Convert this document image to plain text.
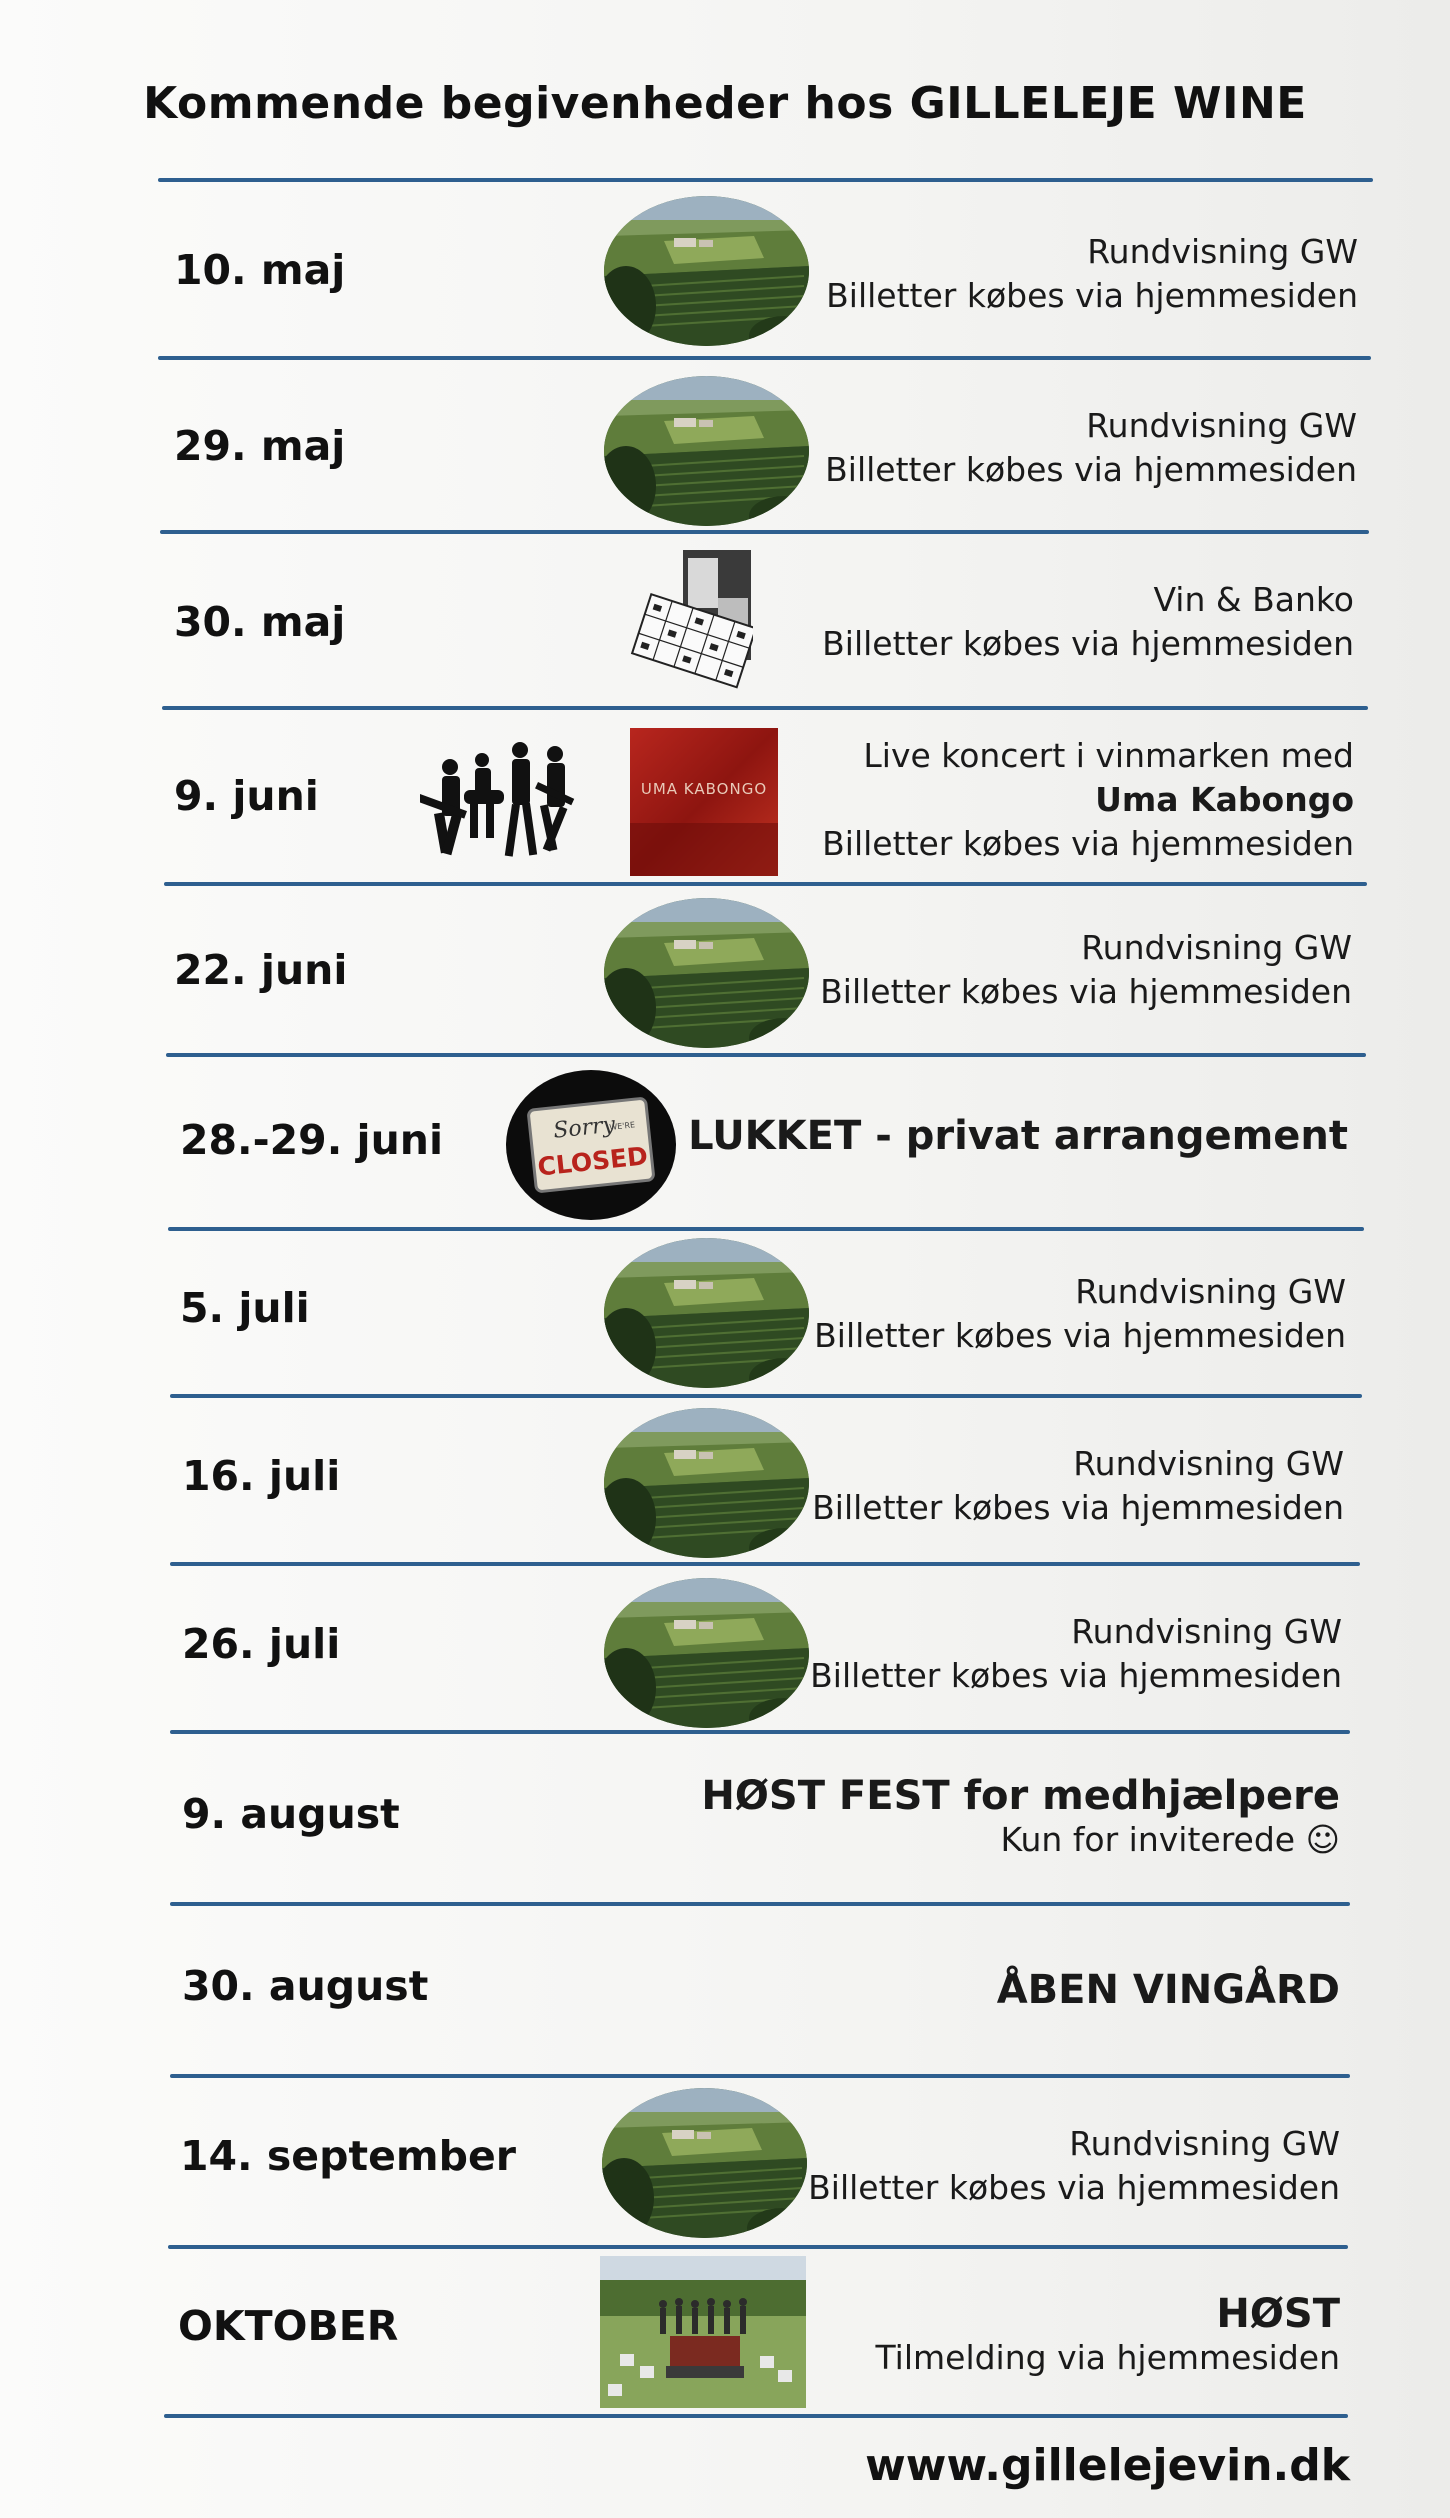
Kommende begivenheder hos GILLELEJE WINE
10. maj	Rundvisning GW
Billetter købes via hjemmesiden
29. maj	Rundvisning GW
Billetter købes via hjemmesiden
30. maj	Vin & Banko
Billetter købes via hjemmesiden
9. juni	UMA KABONGO
Live koncert i vinmarken med
Uma Kabongo
Billetter købes via hjemmesiden
22. juni	Rundvisning GW
Billetter købes via hjemmesiden
28.-29. juni	Sorry
WE'RE
CLOSED
LUKKET - privat arrangement
5. juli	Rundvisning GW
Billetter købes via hjemmesiden
16. juli	Rundvisning GW
Billetter købes via hjemmesiden
26. juli	Rundvisning GW
Billetter købes via hjemmesiden
9. august	HØST FEST for medhjælpere
Kun for inviterede ☺
30. august	ÅBEN VINGÅRD
14. september	Rundvisning GW
Billetter købes via hjemmesiden
OKTOBER	HØST
Tilmelding via hjemmesiden
www.gillelejevin.dk
